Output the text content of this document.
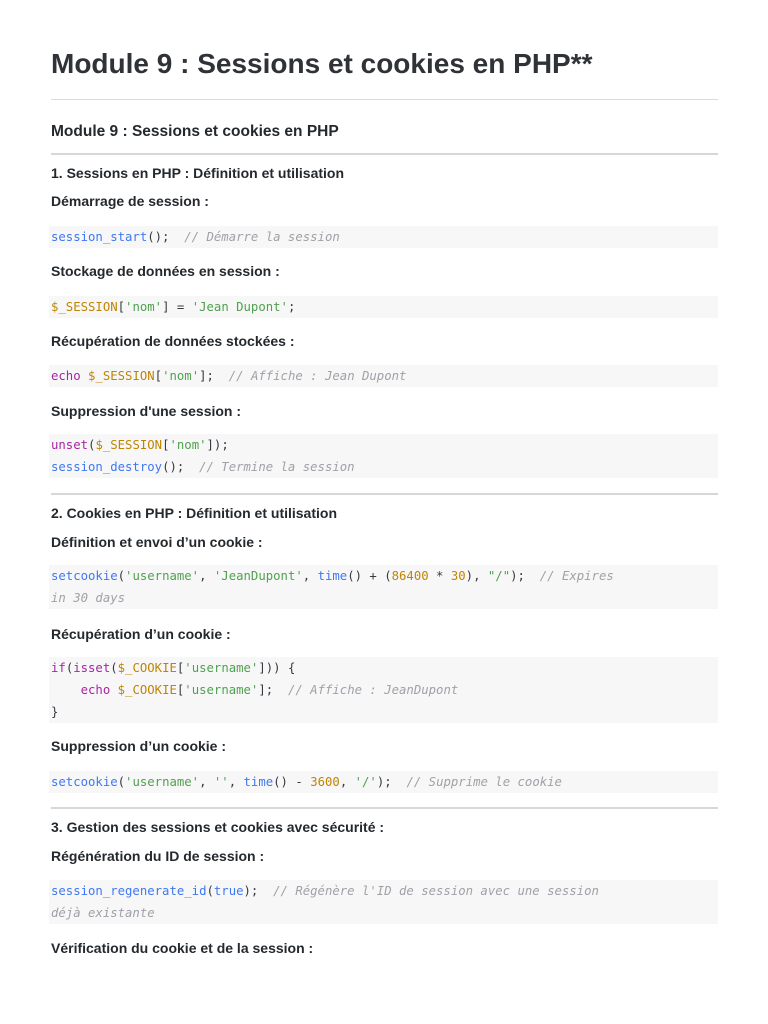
Module 9 : Sessions et cookies en PHP**
Module 9 : Sessions et cookies en PHP
1. Sessions en PHP : Définition et utilisation
Démarrage de session :
session_start(); // Démarre la session
Stockage de données en session :
$_SESSION['nom'] = 'Jean Dupont';
Récupération de données stockées :
echo $_SESSION['nom'];  // Affiche : Jean Dupont
Suppression d'une session :
unset($_SESSION['nom']);
session_destroy();  // Termine la session
2. Cookies en PHP : Définition et utilisation
Définition et envoi d’un cookie :
setcookie('username', 'JeanDupont', time() + (86400 * 30), "/");  // Expires
in 30 days
Récupération d’un cookie :
if(isset($_COOKIE['username'])) {
echo $_COOKIE['username'];  // Affiche : JeanDupont
}
Suppression d’un cookie :
setcookie('username', '', time() - 3600, '/');  // Supprime le cookie
3. Gestion des sessions et cookies avec sécurité :
Régénération du ID de session :
session_regenerate_id(true);  // Régénère l'ID de session avec une session
déjà existante
Vérification du cookie et de la session :
